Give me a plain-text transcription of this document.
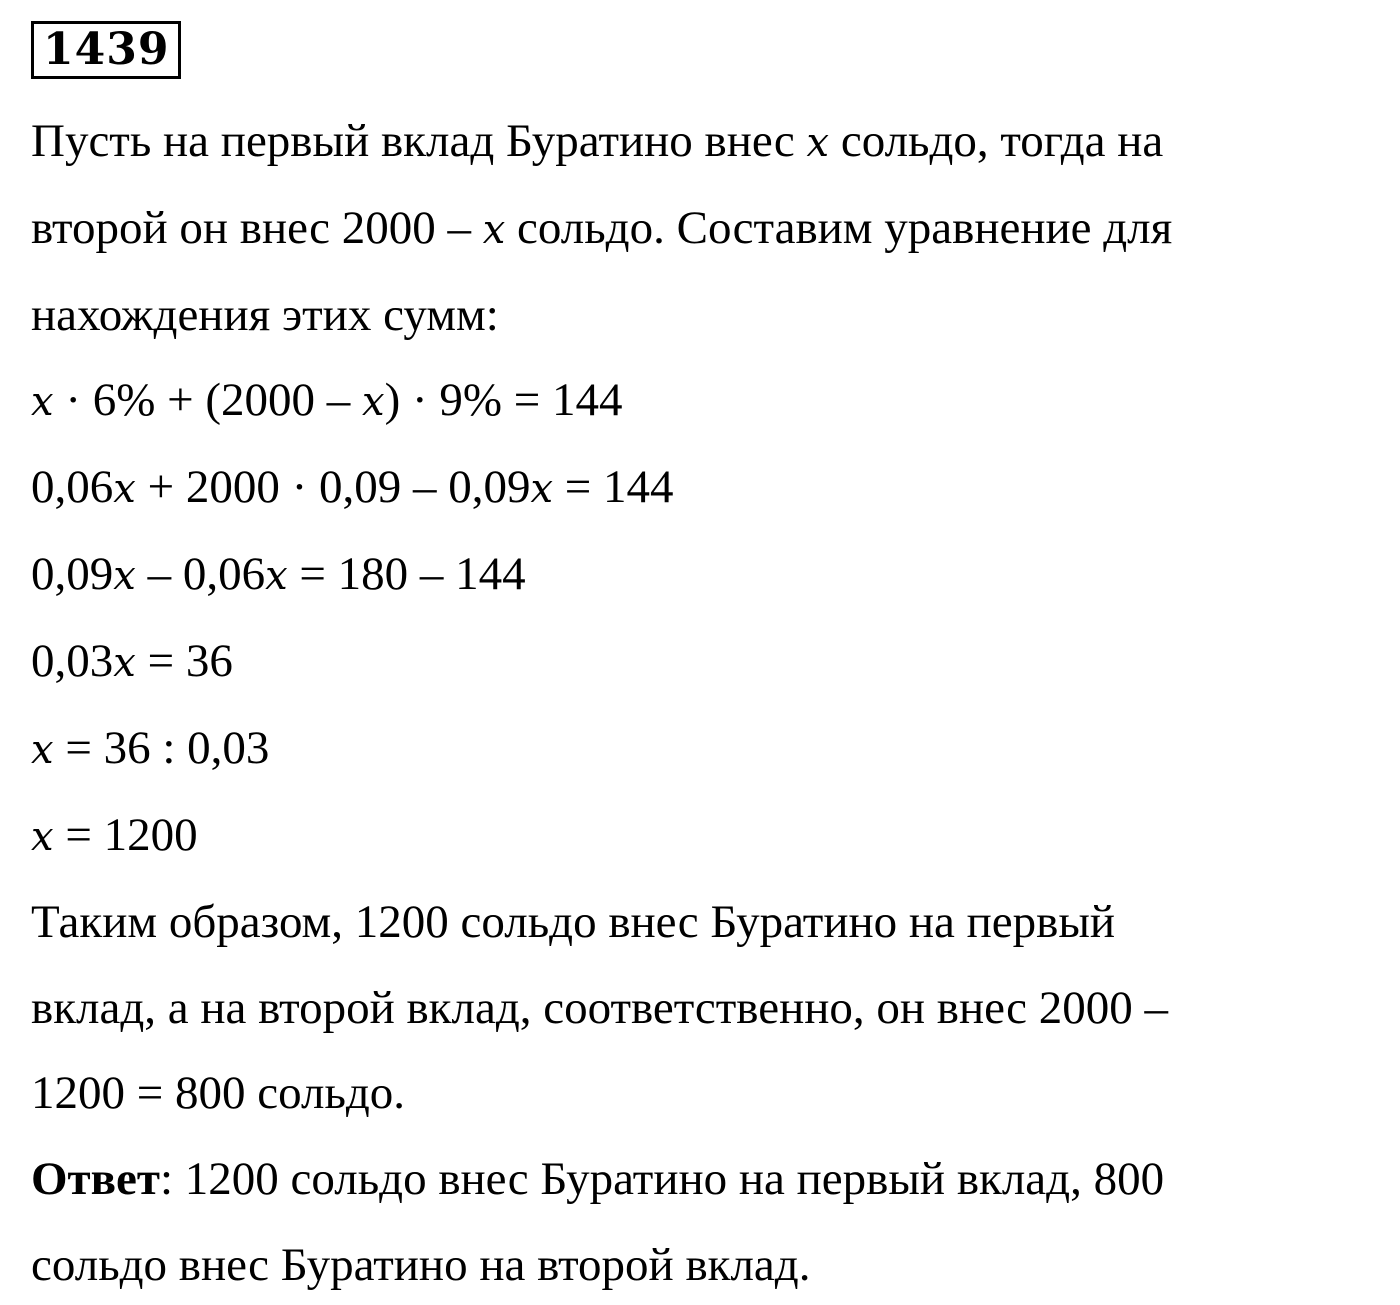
1439
Пусть на первый вклад Буратино внес x сольдо, тогда на
второй он внес 2000 – x сольдо. Составим уравнение для
нахождения этих сумм:
x · 6% + (2000 – x) · 9% = 144
0,06x + 2000 · 0,09 – 0,09x = 144
0,09x – 0,06x = 180 – 144
0,03x = 36
x = 36 : 0,03
x = 1200
Таким образом, 1200 сольдо внес Буратино на первый
вклад, а на второй вклад, соответственно, он внес 2000 –
1200 = 800 сольдо.
Ответ: 1200 сольдо внес Буратино на первый вклад, 800
сольдо внес Буратино на второй вклад.
